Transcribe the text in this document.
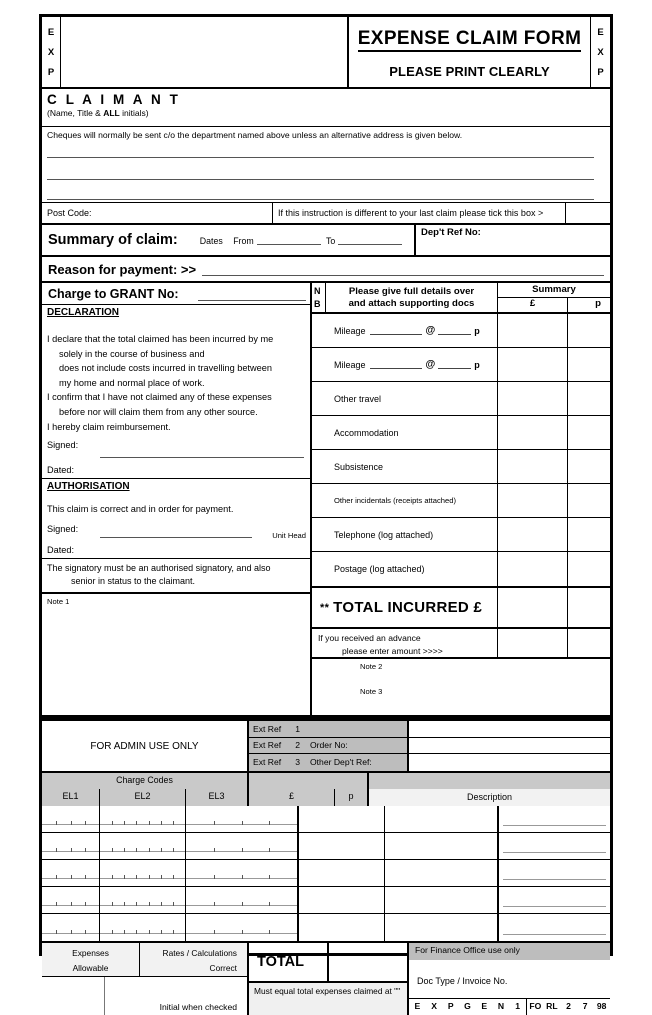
E
X
P
EXPENSE CLAIM FORM
PLEASE PRINT CLEARLY
E
X
P
C L A I M A N T
(Name, Title & ALL initials)
Cheques will normally be sent c/o the department named above unless an alternative address is given below.
Post Code:	If this instruction is different to your last claim please tick this box >
Summary of claim:	Dates From	To
Dep't Ref No:
Reason for payment: >>
Charge to GRANT No:
DECLARATION
I declare that the total claimed has been incurred by me
solely in the course of business and
does not include costs incurred in travelling between
my home and normal place of work.
I confirm that I have not claimed any of these expenses
before nor will claim them from any other source.
I hereby claim reimbursement.
Signed:
Dated:
AUTHORISATION
This claim is correct and in order for payment.
Signed:
Unit Head
Dated:
The signatory must be an authorised signatory, and also
senior in status to the claimant.
Note 1
N
B
Please give full details over
and attach supporting docs
Summary
£	p
Mileage	@	p
Mileage	@	p
Other travel
Accommodation
Subsistence
Other incidentals (receipts attached)
Telephone (log attached)
Postage (log attached)
** TOTAL INCURRED £
If you received an advance
please enter amount >>>>
Note 2
Note 3
FOR ADMIN USE ONLY
Ext Ref 1
Ext Ref 2 Order No:
Ext Ref 3 Other Dep't Ref:
Charge Codes
EL1	EL2	EL3	£	p	Description
Expenses
Allowable
Rates / Calculations
Correct
Initial when checked
TOTAL
Must equal total expenses claimed at ""
For Finance Office use only
Doc Type / Invoice No.
E	X	P	G	E	N	1	FO RL 2	7	98
